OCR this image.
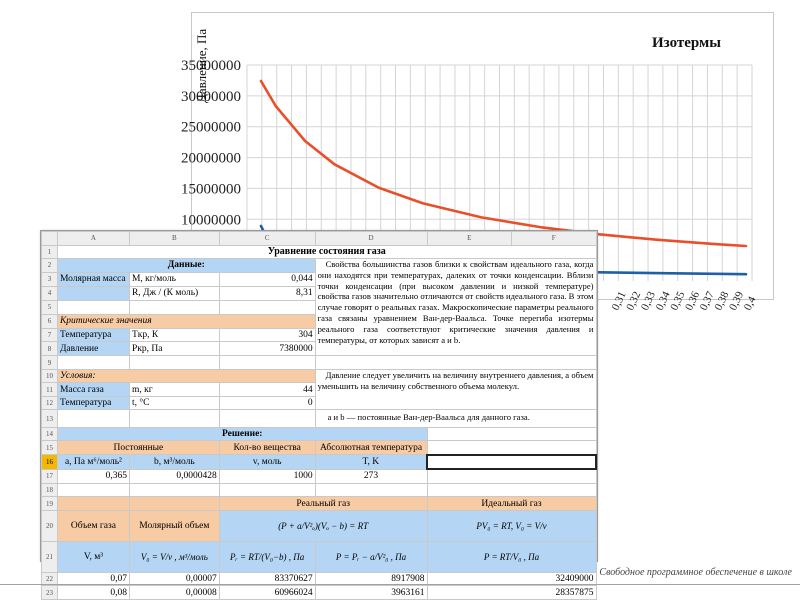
10000000
15000000
20000000
25000000
30000000
35000000
0,31
0,32
0,33
0,34
0,35
0,36
0,37
0,38
0,39
0,4
Изотермы
Давление, Па
	A	B	C	D	E	F
1	Уравнение состояния газа					
2	Данные:			Свойства большинства газов близки к свойствам идеального газа, когда они находятся при температурах, далеких от точки конденсации. Вблизи точки конденсации (при высоком давлении и низкой температуре) свойства газов значительно отличаются от свойств идеального газа. В этом случае говорят о реальных газах. Макроскопические параметры реального газа связаны уравнением Ван-дер-Ваальса. Точке перегиба изотермы реального газа соответствуют критические значения давления и температуры, от которых зависят a и b.		

3	Молярная масса	M, кг/моль	0,044			
4		R, Дж / (К моль)	8,31			
5						
6	Критические значения					
7	Температура	Tкр, К	304			
8	Давление	Pкр, Па	7380000			
9						
10	Условия:			Давление следует увеличить на величину внутреннего давления, а объем уменьшить на величину собственного объема молекул.		

11	Масса газа	m, кг	44			
12	Температура	t, °C	0			
13				a и b — постоянные Ван-дер-Ваальса для данного газа.		

14	Решение:					
15	Постоянные		Кол-во вещества	Абсолютная температура		
16	a, Па м⁶/моль²	b, м³/моль	v, моль	T, K		
17	0,365	0,0000428	1000	273		
18						
19			Реальный газ		Идеальный газ	
20	Объем газа	Молярный объем	(P + a/V²ₒ)(Vₒ − b) = RT		PV₀ = RT, V₀ = V/v	
21	V, м³	V₀ = V/v , м³/моль	Pᵣ = RT/(V₀−b) , Па	P = Pᵣ − a/V²₀ , Па	P = RT/V₀ , Па	
22	0,07	0,00007	83370627	8917908	32409000	
23	0,08	0,00008	60966024	3963161	28357875	
Свободное программное обеспечение в школе
